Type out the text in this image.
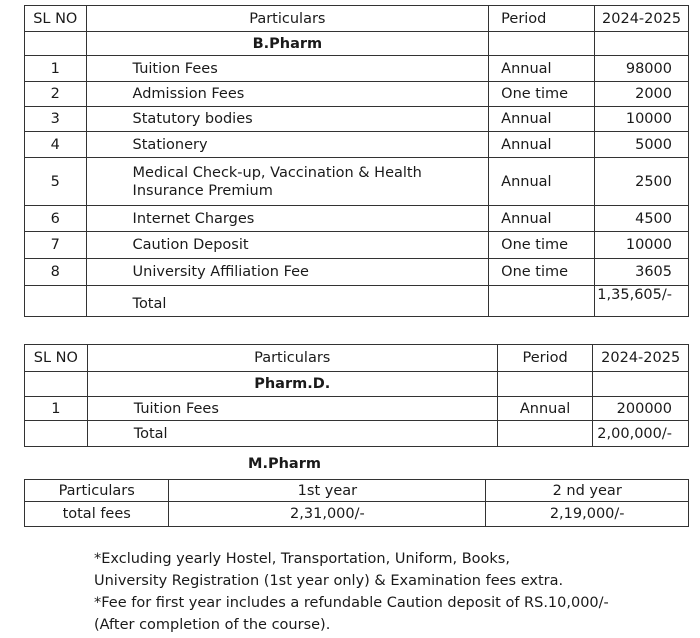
SL NO	Particulars	Period	2024-2025
	B.Pharm		
1	Tuition Fees	Annual	98000
2	Admission Fees	One time	2000
3	Statutory bodies	Annual	10000
4	Stationery	Annual	5000
5	Medical Check-up, Vaccination & Health Insurance Premium	Annual	2500
6	Internet Charges	Annual	4500
7	Caution Deposit	One time	10000
8	University Affiliation Fee	One time	3605
	Total		1,35,605/-
SL NO	Particulars	Period	2024-2025
	Pharm.D.		
1	Tuition Fees	Annual	200000
	Total		2,00,000/-
M.Pharm
Particulars	1st year	2 nd year
total fees	2,31,000/-	2,19,000/-
*Excluding yearly Hostel, Transportation, Uniform, Books,
University Registration (1st year only) & Examination fees extra.
*Fee for first year includes a refundable Caution deposit of RS.10,000/-
(After completion of the course).
